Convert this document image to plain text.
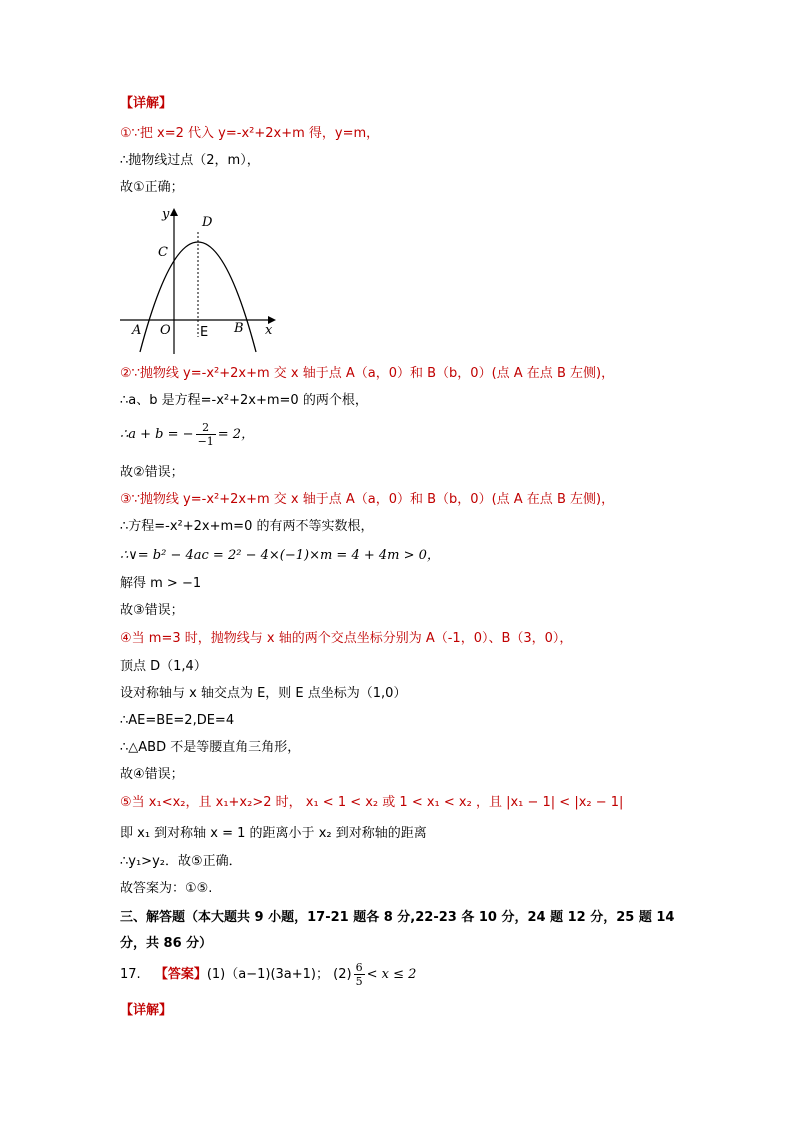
【详解】
①∵把 x=2 代入 y=-x²+2x+m 得，y=m，
∴抛物线过点（2，m），
故①正确；
y
D
C
A O E B x
②∵抛物线 y=-x²+2x+m 交 x 轴于点 A（a，0）和 B（b，0）(点 A 在点 B 左侧)，
∴a、b 是方程=-x²+2x+m=0 的两个根，
∴a + b = − $\frac{2}{-1} = 2$，
故②错误；
③∵抛物线 y=-x²+2x+m 交 x 轴于点 A（a，0）和 B（b，0）(点 A 在点 B 左侧)，
∴方程=-x²+2x+m=0 的有两不等实数根，
∴∨= b² − 4ac = 2² − 4×(−1)×m = 4 + 4m > 0，
解得 m > −1
故③错误；
④当 m=3 时，抛物线与 x 轴的两个交点坐标分别为 A（-1，0）、B（3，0），
顶点 D（1,4）
设对称轴与 x 轴交点为 E，则 E 点坐标为（1,0）
∴AE=BE=2,DE=4
∴△ABD 不是等腰直角三角形，
故④错误；
⑤当 x₁<x₂，且 x₁+x₂>2 时， x₁ < 1 < x₂ 或 1 < x₁ < x₂ ，且 |x₁ − 1| < |x₂ − 1|
即 x₁ 到对称轴 x = 1 的距离小于 x₂ 到对称轴的距离
∴y₁>y₂．故⑤正确．
故答案为：①⑤.
三、解答题（本大题共 9 小题，17-21 题各 8 分,22-23 各 10 分，24 题 12 分，25 题 14
分，共 86 分）
17. 【答案】(1)（a−1)(3a+1)； $(2) \frac{6}{5} < x \le 2$
【详解】
